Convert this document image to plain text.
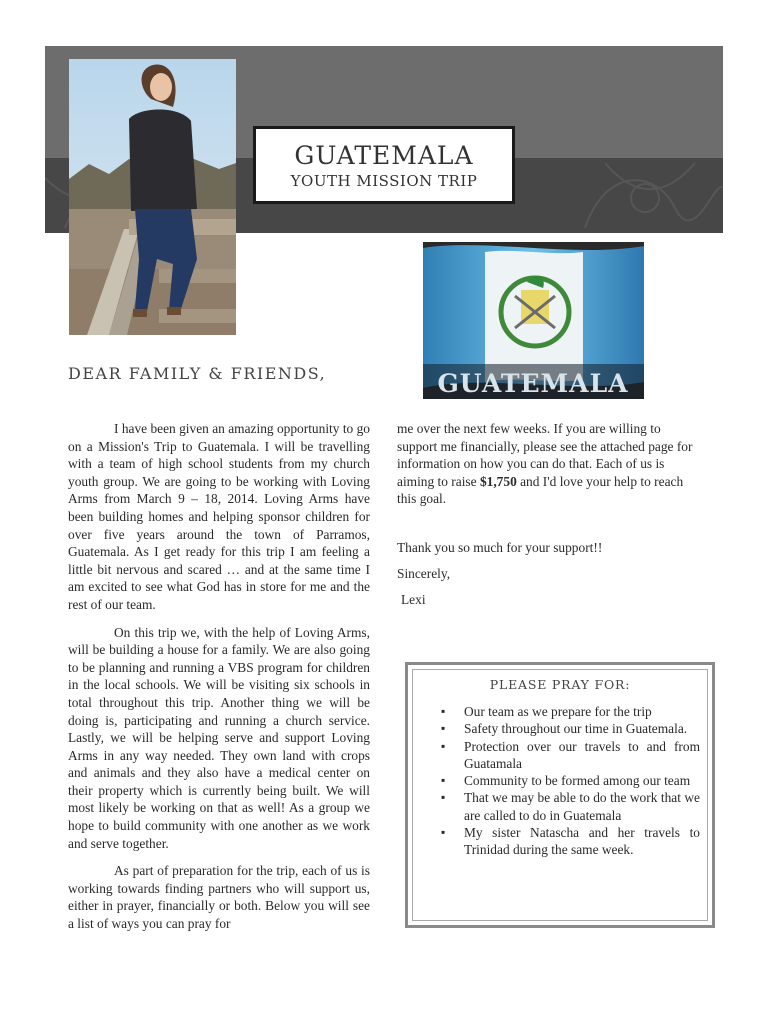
GUATEMALA
YOUTH MISSION TRIP
GUATEMALA
DEAR FAMILY & FRIENDS,

I have been given an amazing opportunity to go on a Mission's Trip to Guatemala. I will be travelling with a team of high school students from my church youth group. We are going to be working with Loving Arms from March 9 – 18, 2014. Loving Arms have been building homes and helping sponsor children for over five years around the town of Parramos, Guatemala. As I get ready for this trip I am feeling a little bit nervous and scared … and at the same time I am excited to see what God has in store for me and the rest of our team.

On this trip we, with the help of Loving Arms, will be building a house for a family. We are also going to be planning and running a VBS program for children in the local schools. We will be visiting six schools in total throughout this trip. Another thing we will be doing is, participating and running a church service. Lastly, we will be helping serve and support Loving Arms in any way needed. They own land with crops and animals and they also have a medical center on their property which is currently being built. We will most likely be working on that as well! As a group we hope to build community with one another as we work and serve together.

As part of preparation for the trip, each of us is working towards finding partners who will support us, either in prayer, financially or both. Below you will see a list of ways you can pray for

me over the next few weeks. If you are willing to support me financially, please see the attached page for information on how you can do that. Each of us is aiming to raise $1,750 and I'd love your help to reach this goal.

Thank you so much for your support!!
Sincerely,
Lexi
PLEASE PRAY FOR:
▪ Our team as we prepare for the trip
▪ Safety throughout our time in Guatemala.
▪ Protection over our travels to and from Guatamala
▪ Community to be formed among our team
▪ That we may be able to do the work that we are called to do in Guatemala
▪ My sister Natascha and her travels to Trinidad during the same week.
